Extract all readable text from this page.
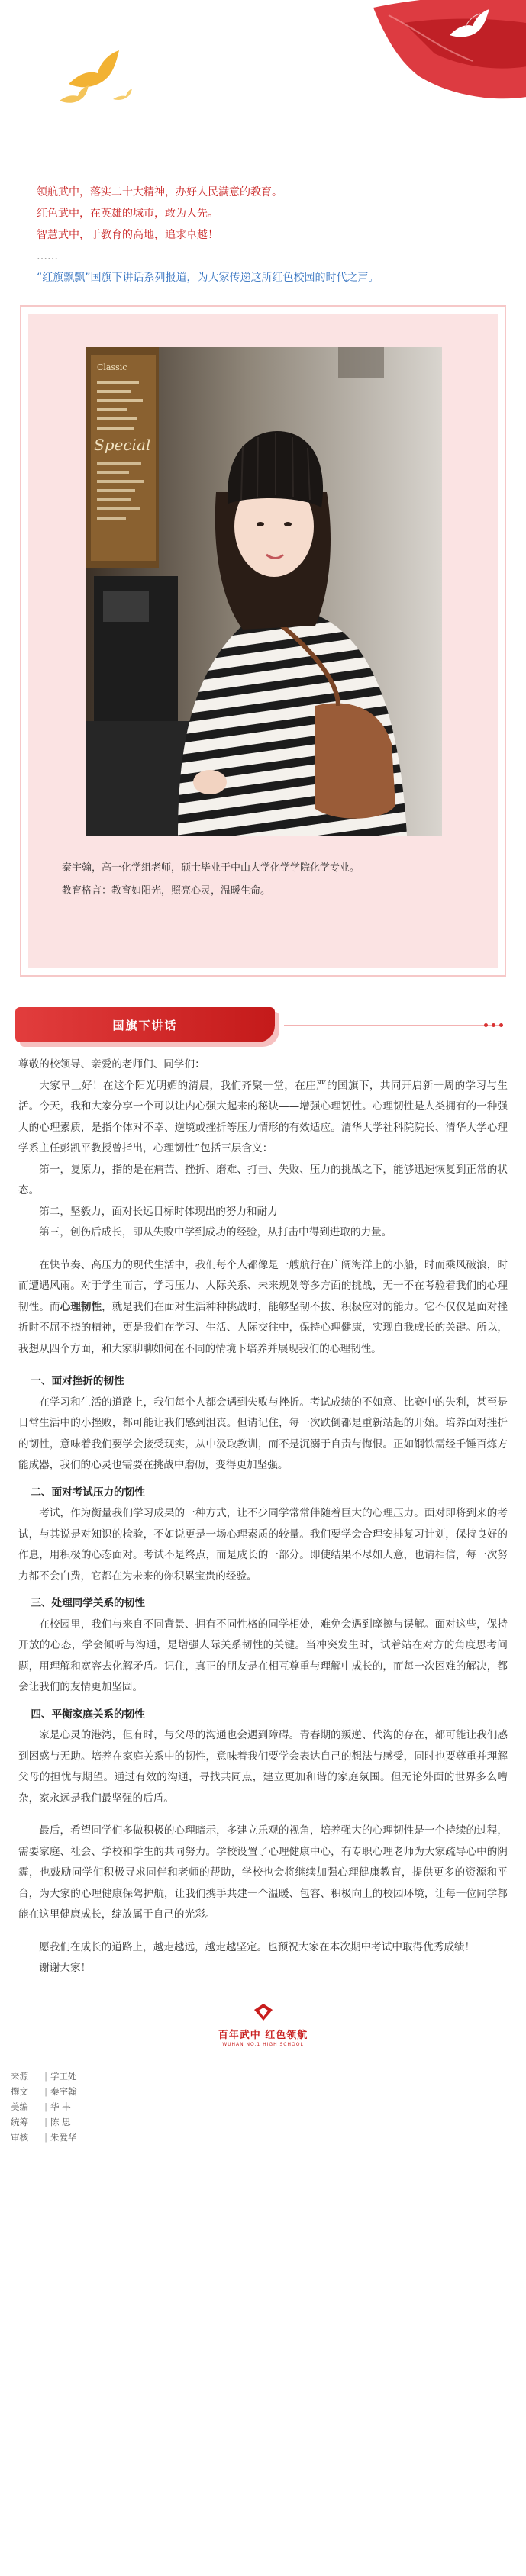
领航武中，落实二十大精神，办好人民满意的教育。

红色武中，在英雄的城市，敢为人先。

智慧武中，于教育的高地，追求卓越！

……

“红旗飘飘”国旗下讲话系列报道，为大家传递这所红色校园的时代之声。

Classic
Special

秦宇翰，高一化学组老师，硕士毕业于中山大学化学学院化学专业。

教育格言：教育如阳光，照亮心灵，温暖生命。

国旗下讲话

尊敬的校领导、亲爱的老师们、同学们：

大家早上好！在这个阳光明媚的清晨，我们齐聚一堂，在庄严的国旗下，共同开启新一周的学习与生活。今天，我和大家分享一个可以让内心强大起来的秘诀——增强心理韧性。心理韧性是人类拥有的一种强大的心理素质，是指个体对不幸、逆境或挫折等压力情形的有效适应。清华大学社科院院长、清华大学心理学系主任彭凯平教授曾指出，心理韧性”包括三层含义：

第一，复原力，指的是在痛苦、挫折、磨难、打击、失败、压力的挑战之下，能够迅速恢复到正常的状态。

第二，坚毅力，面对长远目标时体现出的努力和耐力

第三，创伤后成长，即从失败中学到成功的经验，从打击中得到进取的力量。

在快节奏、高压力的现代生活中，我们每个人都像是一艘航行在广阔海洋上的小船，时而乘风破浪，时而遭遇风雨。对于学生而言，学习压力、人际关系、未来规划等多方面的挑战，无一不在考验着我们的心理韧性。而心理韧性，就是我们在面对生活种种挑战时，能够坚韧不拔、积极应对的能力。它不仅仅是面对挫折时不屈不挠的精神，更是我们在学习、生活、人际交往中，保持心理健康，实现自我成长的关键。所以，我想从四个方面，和大家聊聊如何在不同的情境下培养并展现我们的心理韧性。

一、面对挫折的韧性

在学习和生活的道路上，我们每个人都会遇到失败与挫折。考试成绩的不如意、比赛中的失利，甚至是日常生活中的小挫败，都可能让我们感到沮丧。但请记住，每一次跌倒都是重新站起的开始。培养面对挫折的韧性，意味着我们要学会接受现实，从中汲取教训，而不是沉溺于自责与悔恨。正如钢铁需经千锤百炼方能成器，我们的心灵也需要在挑战中磨砺，变得更加坚强。

二、面对考试压力的韧性

考试，作为衡量我们学习成果的一种方式，让不少同学常常伴随着巨大的心理压力。面对即将到来的考试，与其说是对知识的检验，不如说更是一场心理素质的较量。我们要学会合理安排复习计划，保持良好的作息，用积极的心态面对。考试不是终点，而是成长的一部分。即使结果不尽如人意，也请相信，每一次努力都不会白费，它都在为未来的你积累宝贵的经验。

三、处理同学关系的韧性

在校园里，我们与来自不同背景、拥有不同性格的同学相处，难免会遇到摩擦与误解。面对这些，保持开放的心态，学会倾听与沟通，是增强人际关系韧性的关键。当冲突发生时，试着站在对方的角度思考问题，用理解和宽容去化解矛盾。记住，真正的朋友是在相互尊重与理解中成长的，而每一次困难的解决，都会让我们的友情更加坚固。

四、平衡家庭关系的韧性

家是心灵的港湾，但有时，与父母的沟通也会遇到障碍。青春期的叛逆、代沟的存在，都可能让我们感到困惑与无助。培养在家庭关系中的韧性，意味着我们要学会表达自己的想法与感受，同时也要尊重并理解父母的担忧与期望。通过有效的沟通，寻找共同点，建立更加和谐的家庭氛围。但无论外面的世界多么嘈杂，家永远是我们最坚强的后盾。

最后，希望同学们多做积极的心理暗示，多建立乐观的视角，培养强大的心理韧性是一个持续的过程，需要家庭、社会、学校和学生的共同努力。学校设置了心理健康中心，有专职心理老师为大家疏导心中的阴霾，也鼓励同学们积极寻求同伴和老师的帮助，学校也会将继续加强心理健康教育，提供更多的资源和平台，为大家的心理健康保驾护航，让我们携手共建一个温暖、包容、积极向上的校园环境，让每一位同学都能在这里健康成长，绽放属于自己的光彩。

愿我们在成长的道路上，越走越远，越走越坚定。也预祝大家在本次期中考试中取得优秀成绩！

谢谢大家！

百年武中 红色领航
WUHAN NO.1 HIGH SCHOOL
来源	| 学工处
撰文	| 秦宇翰
美编	| 华 丰
统筹	| 陈 思
审核	| 朱爱华
